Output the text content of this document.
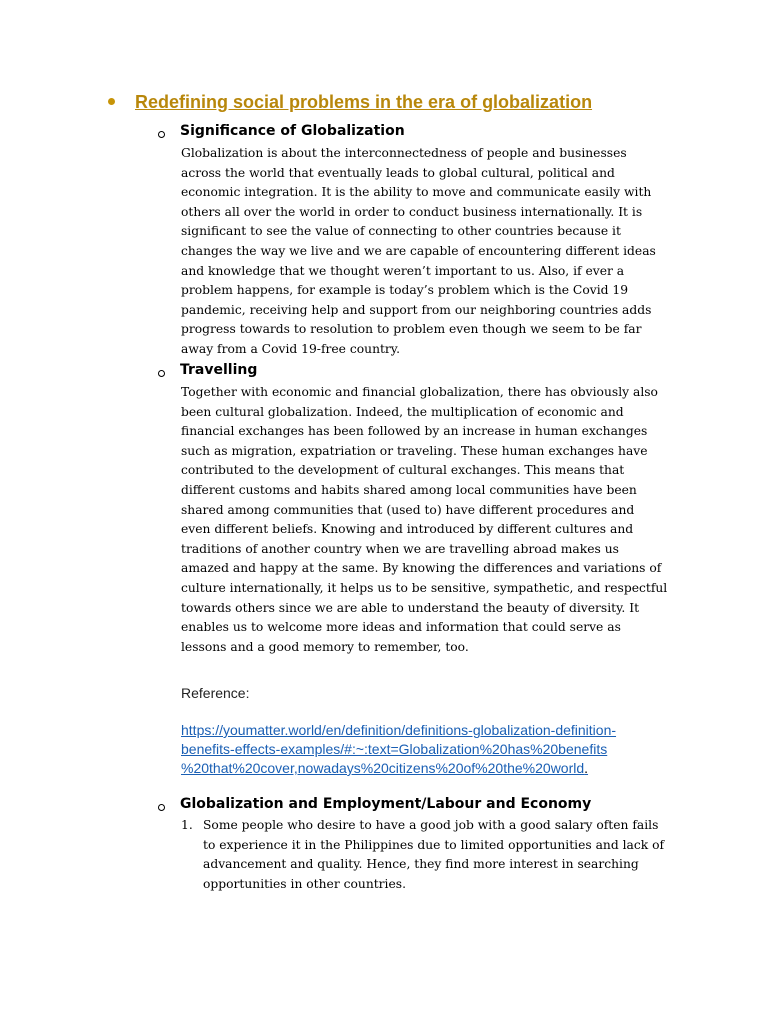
Redefining social problems in the era of globalization
Significance of Globalization
Globalization is about the interconnectedness of people and businesses
across the world that eventually leads to global cultural, political and
economic integration. It is the ability to move and communicate easily with
others all over the world in order to conduct business internationally. It is
significant to see the value of connecting to other countries because it
changes the way we live and we are capable of encountering different ideas
and knowledge that we thought weren’t important to us. Also, if ever a
problem happens, for example is today’s problem which is the Covid 19
pandemic, receiving help and support from our neighboring countries adds
progress towards to resolution to problem even though we seem to be far
away from a Covid 19-free country.
Travelling
Together with economic and financial globalization, there has obviously also
been cultural globalization. Indeed, the multiplication of economic and
financial exchanges has been followed by an increase in human exchanges
such as migration, expatriation or traveling. These human exchanges have
contributed to the development of cultural exchanges. This means that
different customs and habits shared among local communities have been
shared among communities that (used to) have different procedures and
even different beliefs. Knowing and introduced by different cultures and
traditions of another country when we are travelling abroad makes us
amazed and happy at the same. By knowing the differences and variations of
culture internationally, it helps us to be sensitive, sympathetic, and respectful
towards others since we are able to understand the beauty of diversity. It
enables us to welcome more ideas and information that could serve as
lessons and a good memory to remember, too.
Reference:
https://youmatter.world/en/definition/definitions-globalization-definition-
benefits-effects-examples/#:~:text=Globalization%20has%20benefits
%20that%20cover,nowadays%20citizens%20of%20the%20world.
Globalization and Employment/Labour and Economy
1. Some people who desire to have a good job with a good salary often fails
to experience it in the Philippines due to limited opportunities and lack of
advancement and quality. Hence, they find more interest in searching
opportunities in other countries.
